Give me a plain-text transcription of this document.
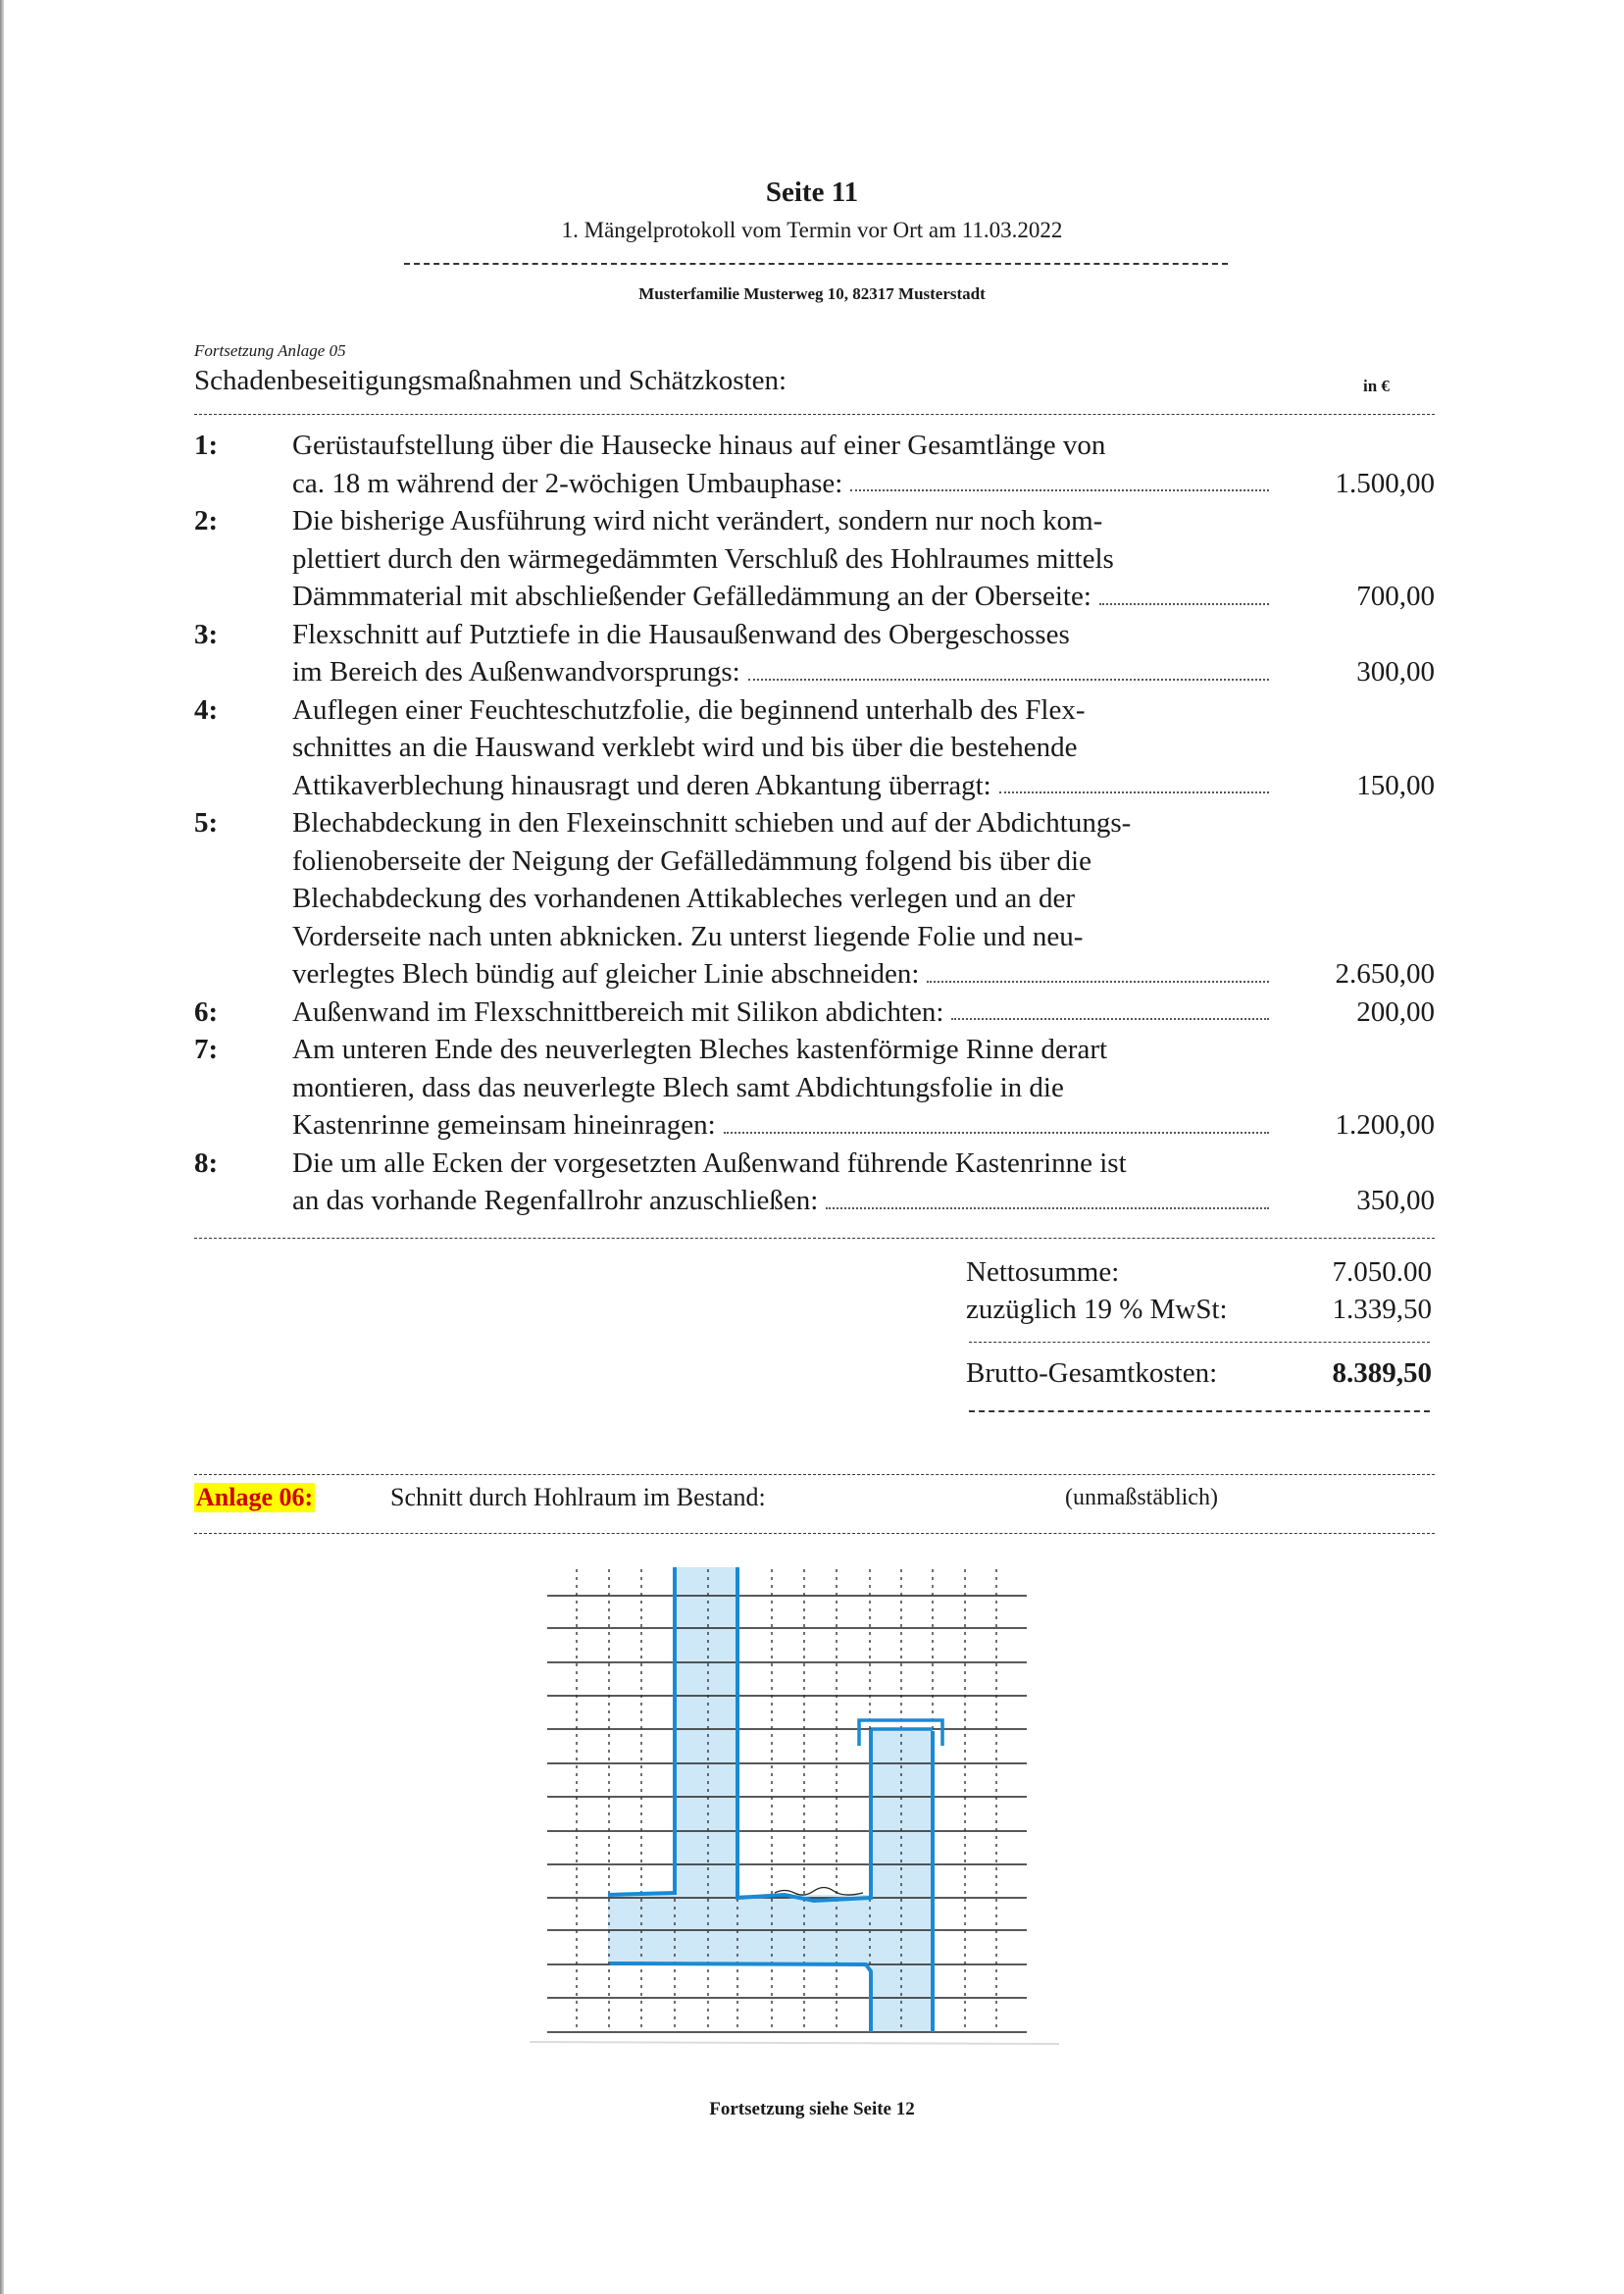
Seite 11
1. Mängelprotokoll vom Termin vor Ort am 11.03.2022
Musterfamilie Musterweg 10, 82317 Musterstadt
Fortsetzung Anlage 05
Schadenbeseitigungsmaßnahmen und Schätzkosten:	in €
1:	Gerüstaufstellung über die Hausecke hinaus auf einer Gesamtlänge von
ca. 18 m während der 2-wöchigen Umbauphase:	1.500,00
2:	Die bisherige Ausführung wird nicht verändert, sondern nur noch kom-
plettiert durch den wärmegedämmten Verschluß des Hohlraumes mittels
Dämmmaterial mit abschließender Gefälledämmung an der Oberseite:	700,00
3:	Flexschnitt auf Putztiefe in die Hausaußenwand des Obergeschosses
im Bereich des Außenwandvorsprungs:	300,00
4:	Auflegen einer Feuchteschutzfolie, die beginnend unterhalb des Flex-
schnittes an die Hauswand verklebt wird und bis über die bestehende
Attikaverblechung hinausragt und deren Abkantung überragt:	150,00
5:	Blechabdeckung in den Flexeinschnitt schieben und auf der Abdichtungs-
folienoberseite der Neigung der Gefälledämmung folgend bis über die
Blechabdeckung des vorhandenen Attikableches verlegen und an der
Vorderseite nach unten abknicken. Zu unterst liegende Folie und neu-
verlegtes Blech bündig auf gleicher Linie abschneiden:	2.650,00
6:	Außenwand im Flexschnittbereich mit Silikon abdichten:	200,00
7:	Am unteren Ende des neuverlegten Bleches kastenförmige Rinne derart
montieren, dass das neuverlegte Blech samt Abdichtungsfolie in die
Kastenrinne gemeinsam hineinragen:	1.200,00
8:	Die um alle Ecken der vorgesetzten Außenwand führende Kastenrinne ist
an das vorhande Regenfallrohr anzuschließen:	350,00
Nettosumme:	7.050.00
zuzüglich 19 % MwSt:	1.339,50
Brutto-Gesamtkosten:	8.389,50
Anlage 06:	Schnitt durch Hohlraum im Bestand:	(unmaßstäblich)
Fortsetzung siehe Seite 12
